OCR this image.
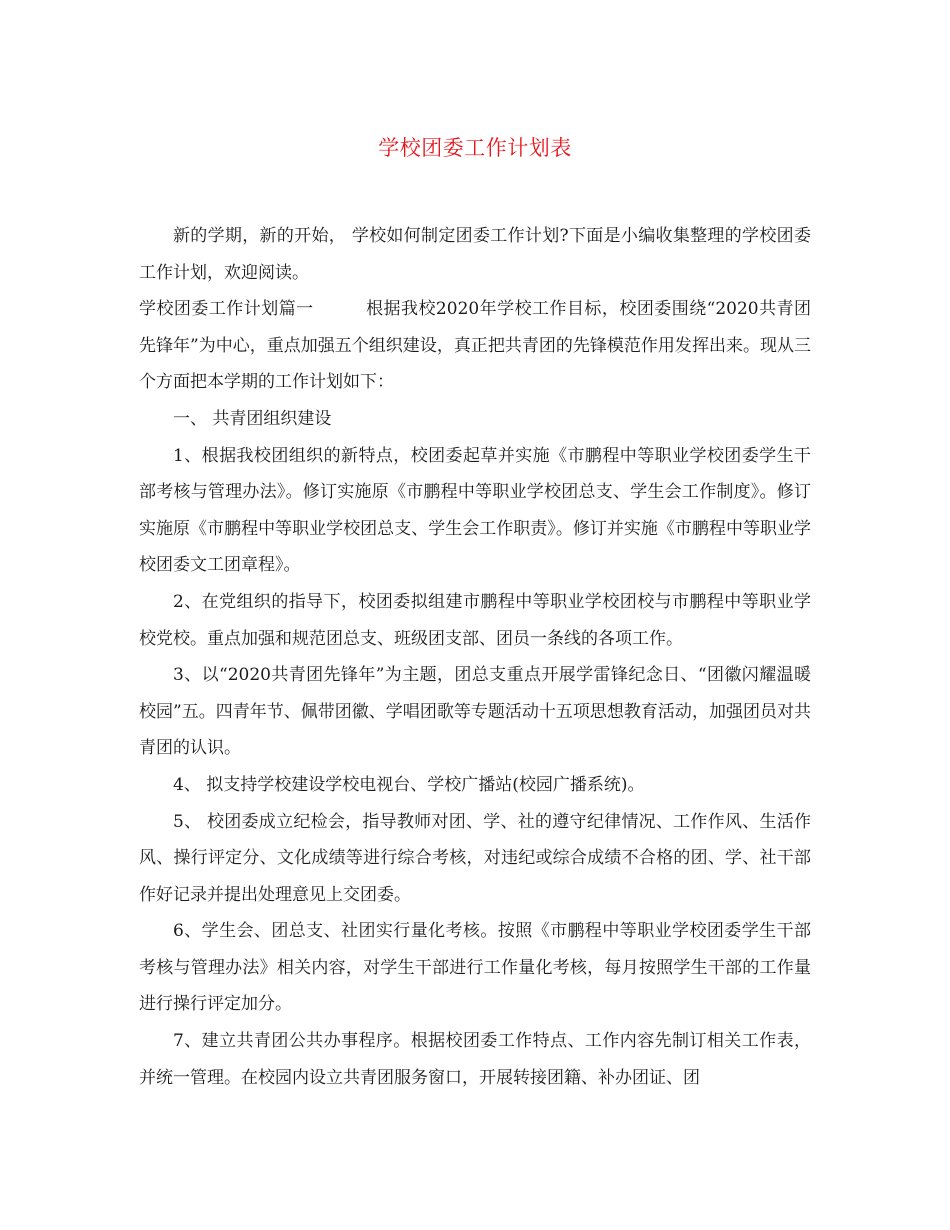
学校团委工作计划表

新的学期，新的开始， 学校如何制定团委工作计划?下面是小编收集整理的学校团委工作计划，欢迎阅读。

学校团委工作计划篇一	根据我校2020年学校工作目标，校团委围绕“2020共青团先锋年”为中心，重点加强五个组织建设，真正把共青团的先锋模范作用发挥出来。现从三个方面把本学期的工作计划如下：

一、 共青团组织建设

1、根据我校团组织的新特点，校团委起草并实施《市鹏程中等职业学校团委学生干部考核与管理办法》。修订实施原《市鹏程中等职业学校团总支、学生会工作制度》。修订实施原《市鹏程中等职业学校团总支、学生会工作职责》。修订并实施《市鹏程中等职业学校团委文工团章程》。

2、在党组织的指导下，校团委拟组建市鹏程中等职业学校团校与市鹏程中等职业学校党校。重点加强和规范团总支、班级团支部、团员一条线的各项工作。

3、以“2020共青团先锋年”为主题，团总支重点开展学雷锋纪念日、“团徽闪耀温暖校园”五。四青年节、佩带团徽、学唱团歌等专题活动十五项思想教育活动，加强团员对共青团的认识。

4、 拟支持学校建设学校电视台、学校广播站(校园广播系统)。

5、 校团委成立纪检会，指导教师对团、学、社的遵守纪律情况、工作作风、生活作风、操行评定分、文化成绩等进行综合考核，对违纪或综合成绩不合格的团、学、社干部作好记录并提出处理意见上交团委。

6、学生会、团总支、社团实行量化考核。按照《市鹏程中等职业学校团委学生干部考核与管理办法》相关内容，对学生干部进行工作量化考核，每月按照学生干部的工作量进行操行评定加分。

7、建立共青团公共办事程序。根据校团委工作特点、工作内容先制订相关工作表，并统一管理。在校园内设立共青团服务窗口，开展转接团籍、补办团证、团
